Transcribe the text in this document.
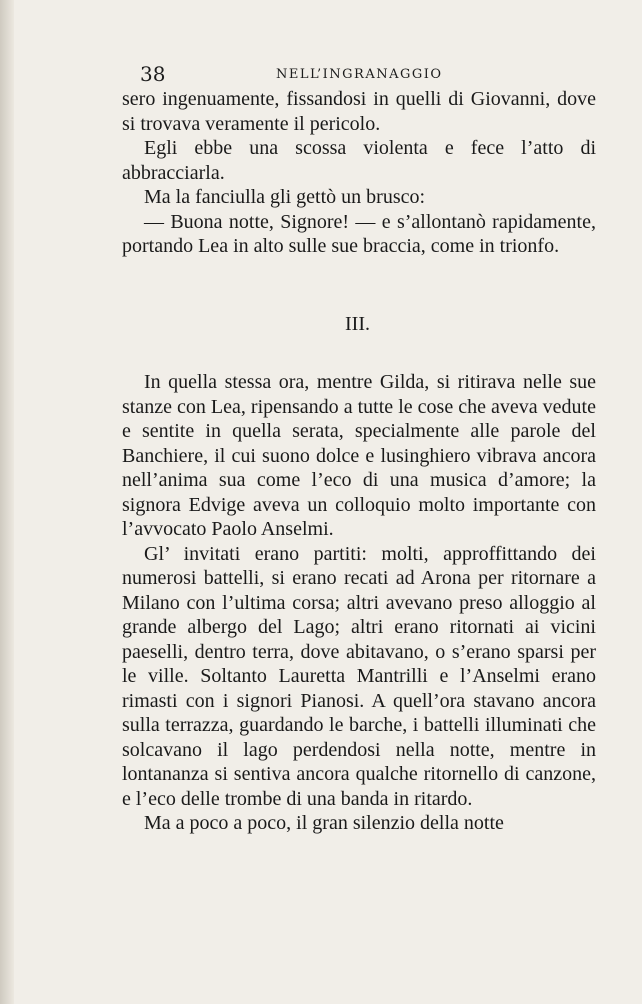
38	NELL’INGRANAGGIO

sero ingenuamente, fissandosi in quelli di Giovanni, dove si trovava veramente il pericolo.

Egli ebbe una scossa violenta e fece l’atto di abbracciarla.

Ma la fanciulla gli gettò un brusco:

— Buona notte, Signore! — e s’allontanò rapidamente, portando Lea in alto sulle sue braccia, come in trionfo.

III.

In quella stessa ora, mentre Gilda, si ritirava nelle sue stanze con Lea, ripensando a tutte le cose che aveva vedute e sentite in quella serata, specialmente alle parole del Banchiere, il cui suono dolce e lusinghiero vibrava ancora nell’anima sua come l’eco di una musica d’amore; la signora Edvige aveva un colloquio molto importante con l’avvocato Paolo Anselmi.

Gl’ invitati erano partiti: molti, approffittando dei numerosi battelli, si erano recati ad Arona per ritornare a Milano con l’ultima corsa; altri avevano preso alloggio al grande albergo del Lago; altri erano ritornati ai vicini paeselli, dentro terra, dove abitavano, o s’erano sparsi per le ville. Soltanto Lauretta Mantrilli e l’Anselmi erano rimasti con i signori Pianosi. A quell’ora stavano ancora sulla terrazza, guardando le barche, i battelli illuminati che solcavano il lago perdendosi nella notte, mentre in lontananza si sentiva ancora qualche ritornello di canzone, e l’eco delle trombe di una banda in ritardo.

Ma a poco a poco, il gran silenzio della notte
